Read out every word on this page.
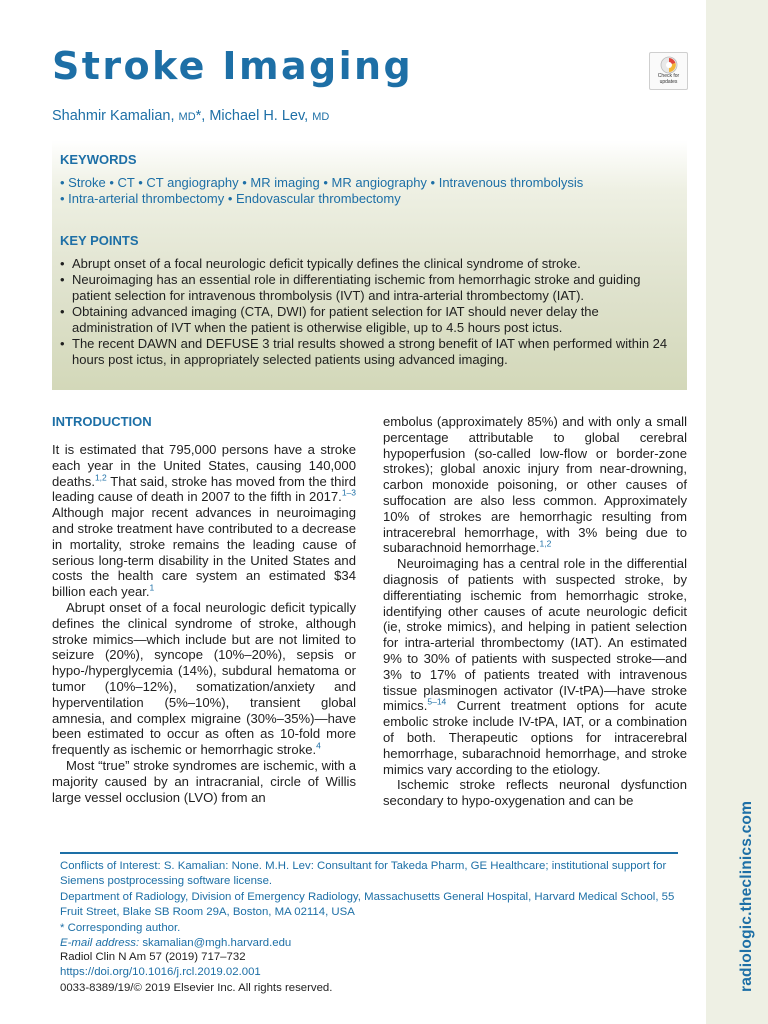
radiologic.theclinics.com
Stroke Imaging	Check for
updates
Shahmir Kamalian, MD*, Michael H. Lev, MD
KEYWORDS
• Stroke • CT • CT angiography • MR imaging • MR angiography • Intravenous thrombolysis
• Intra-arterial thrombectomy • Endovascular thrombectomy
KEY POINTS
• Abrupt onset of a focal neurologic deficit typically defines the clinical syndrome of stroke.
• Neuroimaging has an essential role in differentiating ischemic from hemorrhagic stroke and guiding patient selection for intravenous thrombolysis (IVT) and intra-arterial thrombectomy (IAT).
• Obtaining advanced imaging (CTA, DWI) for patient selection for IAT should never delay the administration of IVT when the patient is otherwise eligible, up to 4.5 hours post ictus.
• The recent DAWN and DEFUSE 3 trial results showed a strong benefit of IAT when performed within 24 hours post ictus, in appropriately selected patients using advanced imaging.
INTRODUCTION

It is estimated that 795,000 persons have a stroke each year in the United States, causing 140,000 deaths.$^{1,2}$ That said, stroke has moved from the third leading cause of death in 2007 to the fifth in 2017.$^{1-3}$ Although major recent advances in neuroimaging and stroke treatment have contributed to a decrease in mortality, stroke remains the leading cause of serious long-term disability in the United States and costs the health care system an estimated $34 billion each year.$^1$

Abrupt onset of a focal neurologic deficit typically defines the clinical syndrome of stroke, although stroke mimics—which include but are not limited to seizure (20%), syncope (10%–20%), sepsis or hypo-/hyperglycemia (14%), subdural hematoma or tumor (10%–12%), somatization/anxiety and hyperventilation (5%–10%), transient global amnesia, and complex migraine (30%–35%)—have been estimated to occur as often as 10-fold more frequently as ischemic or hemorrhagic stroke.$^4$

Most “true” stroke syndromes are ischemic, with a majority caused by an intracranial, circle of Willis large vessel occlusion (LVO) from an

embolus (approximately 85%) and with only a small percentage attributable to global cerebral hypoperfusion (so-called low-flow or border-zone strokes); global anoxic injury from near-drowning, carbon monoxide poisoning, or other causes of suffocation are also less common. Approximately 10% of strokes are hemorrhagic resulting from intracerebral hemorrhage, with 3% being due to subarachnoid hemorrhage.$^{1,2}$

Neuroimaging has a central role in the differential diagnosis of patients with suspected stroke, by differentiating ischemic from hemorrhagic stroke, identifying other causes of acute neurologic deficit (ie, stroke mimics), and helping in patient selection for intra-arterial thrombectomy (IAT). An estimated 9% to 30% of patients with suspected stroke—and 3% to 17% of patients treated with intravenous tissue plasminogen activator (IV-tPA)—have stroke mimics.$^{5-14}$ Current treatment options for acute embolic stroke include IV-tPA, IAT, or a combination of both. Therapeutic options for intracerebral hemorrhage, subarachnoid hemorrhage, and stroke mimics vary according to the etiology.

Ischemic stroke reflects neuronal dysfunction secondary to hypo-oxygenation and can be

Conflicts of Interest: S. Kamalian: None. M.H. Lev: Consultant for Takeda Pharm, GE Healthcare; institutional support for Siemens postprocessing software license.
Department of Radiology, Division of Emergency Radiology, Massachusetts General Hospital, Harvard Medical School, 55 Fruit Street, Blake SB Room 29A, Boston, MA 02114, USA
* Corresponding author.
E-mail address: skamalian@mgh.harvard.edu
Radiol Clin N Am 57 (2019) 717–732
https://doi.org/10.1016/j.rcl.2019.02.001
0033-8389/19/© 2019 Elsevier Inc. All rights reserved.
